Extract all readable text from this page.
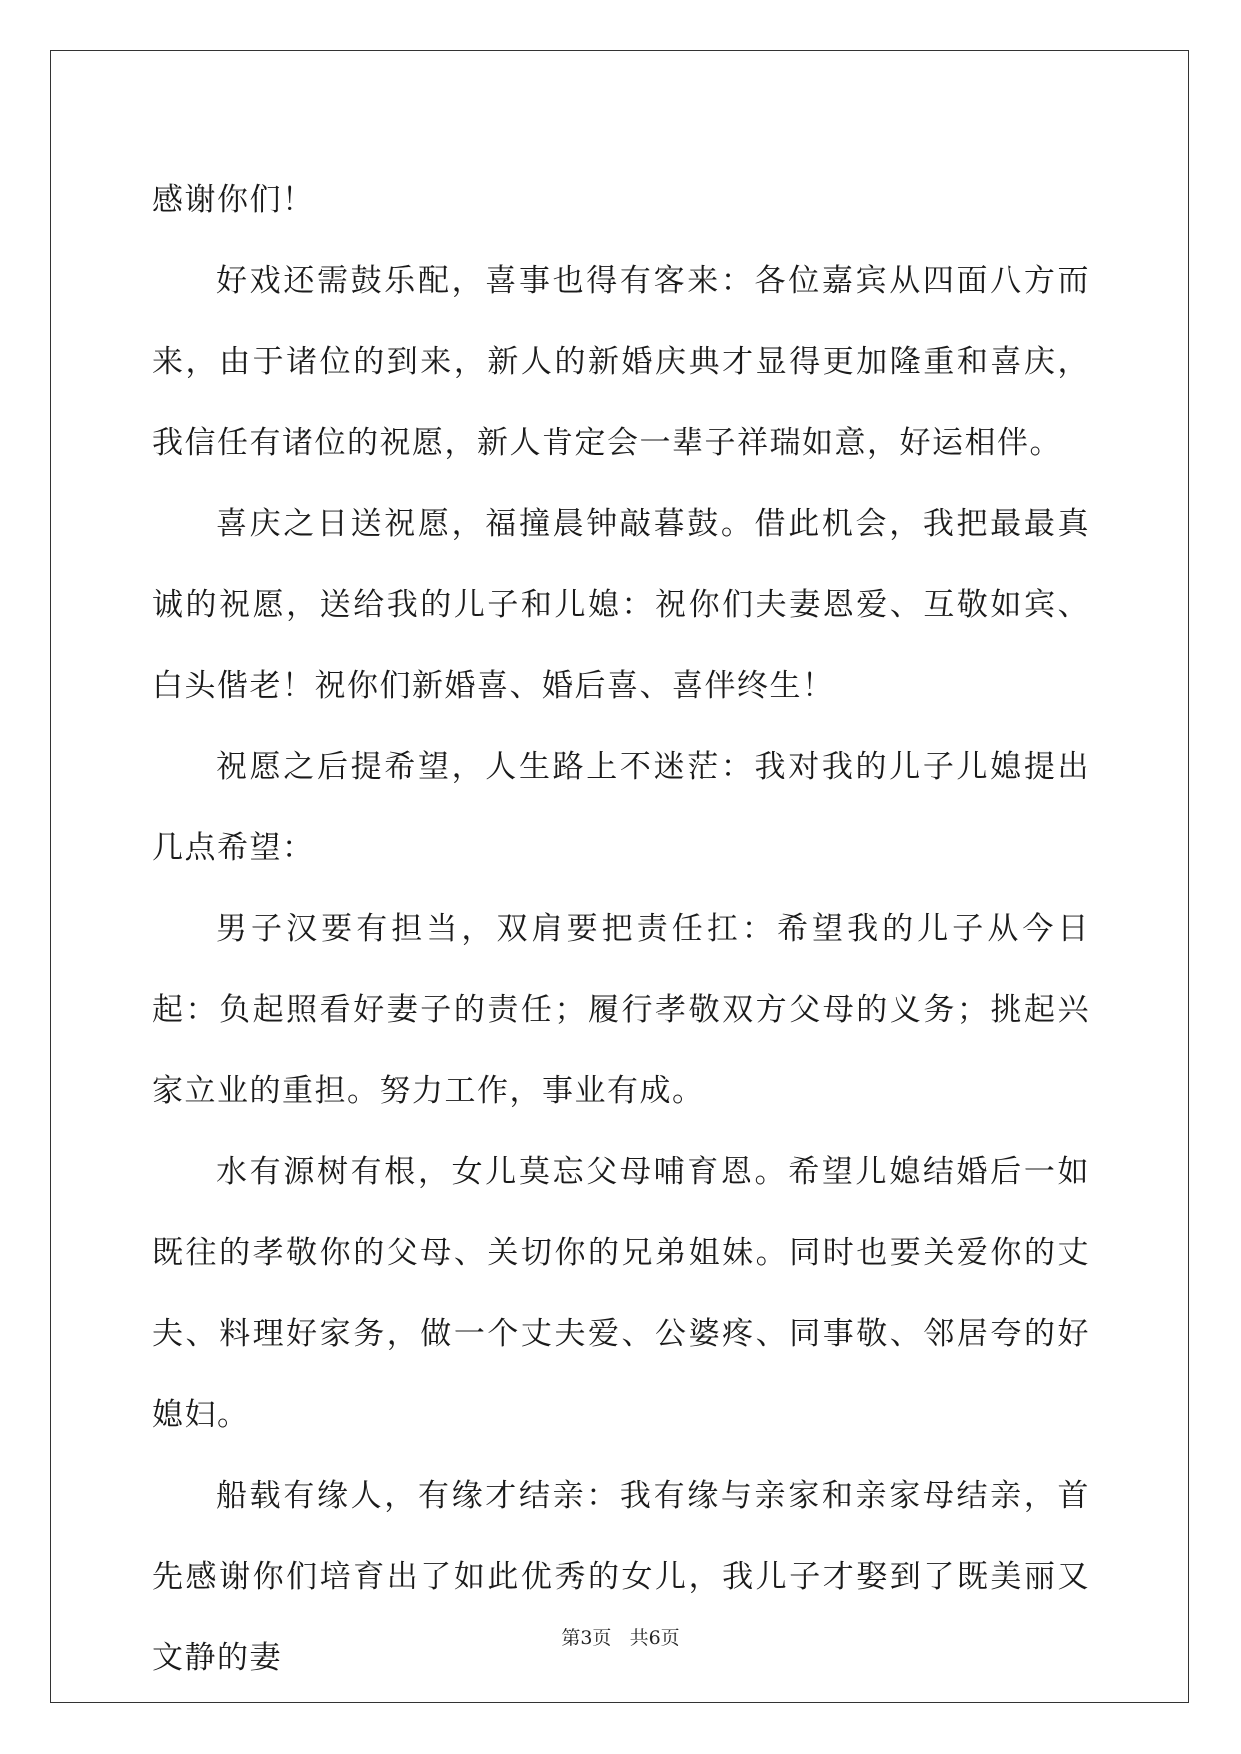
感谢你们！

好戏还需鼓乐配，喜事也得有客来：各位嘉宾从四面八方而来，由于诸位的到来，新人的新婚庆典才显得更加隆重和喜庆，我信任有诸位的祝愿，新人肯定会一辈子祥瑞如意，好运相伴。

喜庆之日送祝愿，福撞晨钟敲暮鼓。借此机会，我把最最真诚的祝愿，送给我的儿子和儿媳：祝你们夫妻恩爱、互敬如宾、白头偕老！祝你们新婚喜、婚后喜、喜伴终生！

祝愿之后提希望，人生路上不迷茫：我对我的儿子儿媳提出几点希望：

男子汉要有担当，双肩要把责任扛：希望我的儿子从今日起：负起照看好妻子的责任；履行孝敬双方父母的义务；挑起兴家立业的重担。努力工作，事业有成。

水有源树有根，女儿莫忘父母哺育恩。希望儿媳结婚后一如既往的孝敬你的父母、关切你的兄弟姐妹。同时也要关爱你的丈夫、料理好家务，做一个丈夫爱、公婆疼、同事敬、邻居夸的好媳妇。

船载有缘人，有缘才结亲：我有缘与亲家和亲家母结亲，首先感谢你们培育出了如此优秀的女儿，我儿子才娶到了既美丽又文静的妻

第3页 共6页
